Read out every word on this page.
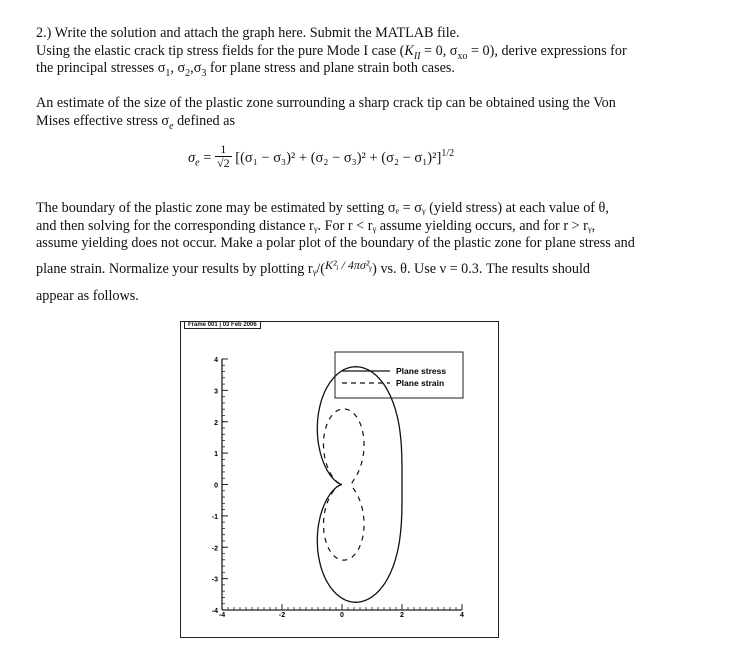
2.) Write the solution and attach the graph here. Submit the MATLAB file.
Using the elastic crack tip stress fields for the pure Mode I case ($K_{II} = 0$, $\sigma_{xo} = 0$), derive expressions for
the principal stresses $\sigma_1$, $\sigma_2,\sigma_3$ for plane stress and plane strain both cases.

An estimate of the size of the plastic zone surrounding a sharp crack tip can be obtained using the Von
Mises effective stress $\sigma_e$ defined as

$\sigma_e = \frac{1}{√2} [(\sigma_1 - \sigma_3)^2 + (\sigma_2 - \sigma_3)^2 + (\sigma_2 - \sigma_1)^2]^{1/2}$

The boundary of the plastic zone may be estimated by setting σₑ = σᵧ (yield stress) at each value of θ,
and then solving for the corresponding distance rᵧ. For r < rᵧ assume yielding occurs, and for r > rᵧ,
assume yielding does not occur. Make a polar plot of the boundary of the plastic zone for plane stress and
plane strain. Normalize your results by plotting rᵧ/(K²ᵢ / 4πσ²ᵧ) vs. θ. Use ν = 0.3. The results should
appear as follows.

Frame 001 | 03 Feb 2006
4
3
2
1
0
-1
-2
-3
-4
-4	-2	0	2	4
Plane stress
Plane strain
